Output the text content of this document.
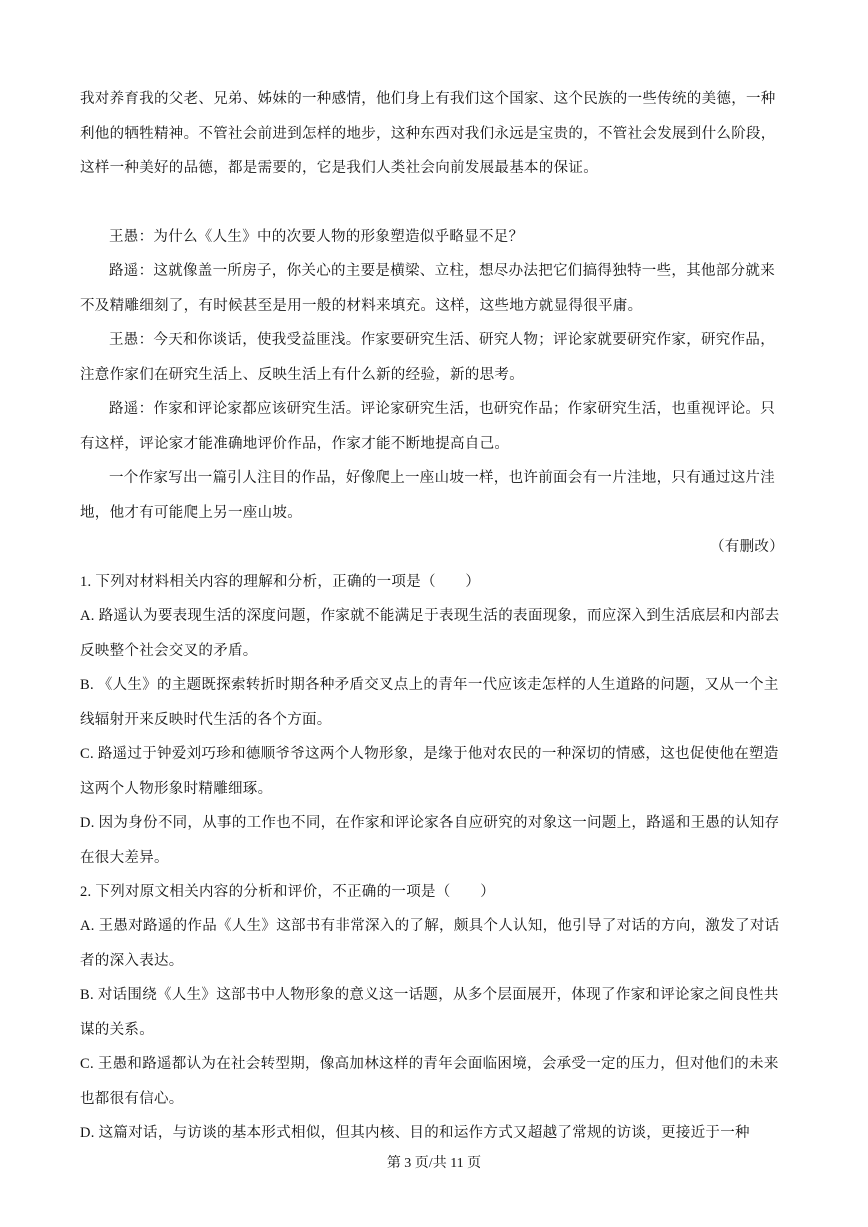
我对养育我的父老、兄弟、姊妹的一种感情，他们身上有我们这个国家、这个民族的一些传统的美德，一种利他的牺牲精神。不管社会前进到怎样的地步，这种东西对我们永远是宝贵的，不管社会发展到什么阶段，这样一种美好的品德，都是需要的，它是我们人类社会向前发展最基本的保证。

王愚：为什么《人生》中的次要人物的形象塑造似乎略显不足？

路遥：这就像盖一所房子，你关心的主要是横梁、立柱，想尽办法把它们搞得独特一些，其他部分就来不及精雕细刻了，有时候甚至是用一般的材料来填充。这样，这些地方就显得很平庸。

王愚：今天和你谈话，使我受益匪浅。作家要研究生活、研究人物；评论家就要研究作家，研究作品，注意作家们在研究生活上、反映生活上有什么新的经验，新的思考。

路遥：作家和评论家都应该研究生活。评论家研究生活，也研究作品；作家研究生活，也重视评论。只有这样，评论家才能准确地评价作品，作家才能不断地提高自己。

一个作家写出一篇引人注目的作品，好像爬上一座山坡一样，也许前面会有一片洼地，只有通过这片洼地，他才有可能爬上另一座山坡。

（有删改）

1. 下列对材料相关内容的理解和分析，正确的一项是（　　）

A. 路遥认为要表现生活的深度问题，作家就不能满足于表现生活的表面现象，而应深入到生活底层和内部去反映整个社会交叉的矛盾。

B. 《人生》的主题既探索转折时期各种矛盾交叉点上的青年一代应该走怎样的人生道路的问题，又从一个主线辐射开来反映时代生活的各个方面。

C. 路遥过于钟爱刘巧珍和德顺爷爷这两个人物形象，是缘于他对农民的一种深切的情感，这也促使他在塑造这两个人物形象时精雕细琢。

D. 因为身份不同，从事的工作也不同，在作家和评论家各自应研究的对象这一问题上，路遥和王愚的认知存在很大差异。

2. 下列对原文相关内容的分析和评价，不正确的一项是（　　）

A. 王愚对路遥的作品《人生》这部书有非常深入的了解，颇具个人认知，他引导了对话的方向，激发了对话者的深入表达。

B. 对话围绕《人生》这部书中人物形象的意义这一话题，从多个层面展开，体现了作家和评论家之间良性共谋的关系。

C. 王愚和路遥都认为在社会转型期，像高加林这样的青年会面临困境，会承受一定的压力，但对他们的未来也都很有信心。

D. 这篇对话，与访谈的基本形式相似，但其内核、目的和运作方式又超越了常规的访谈，更接近于一种

第 3 页/共 11 页
